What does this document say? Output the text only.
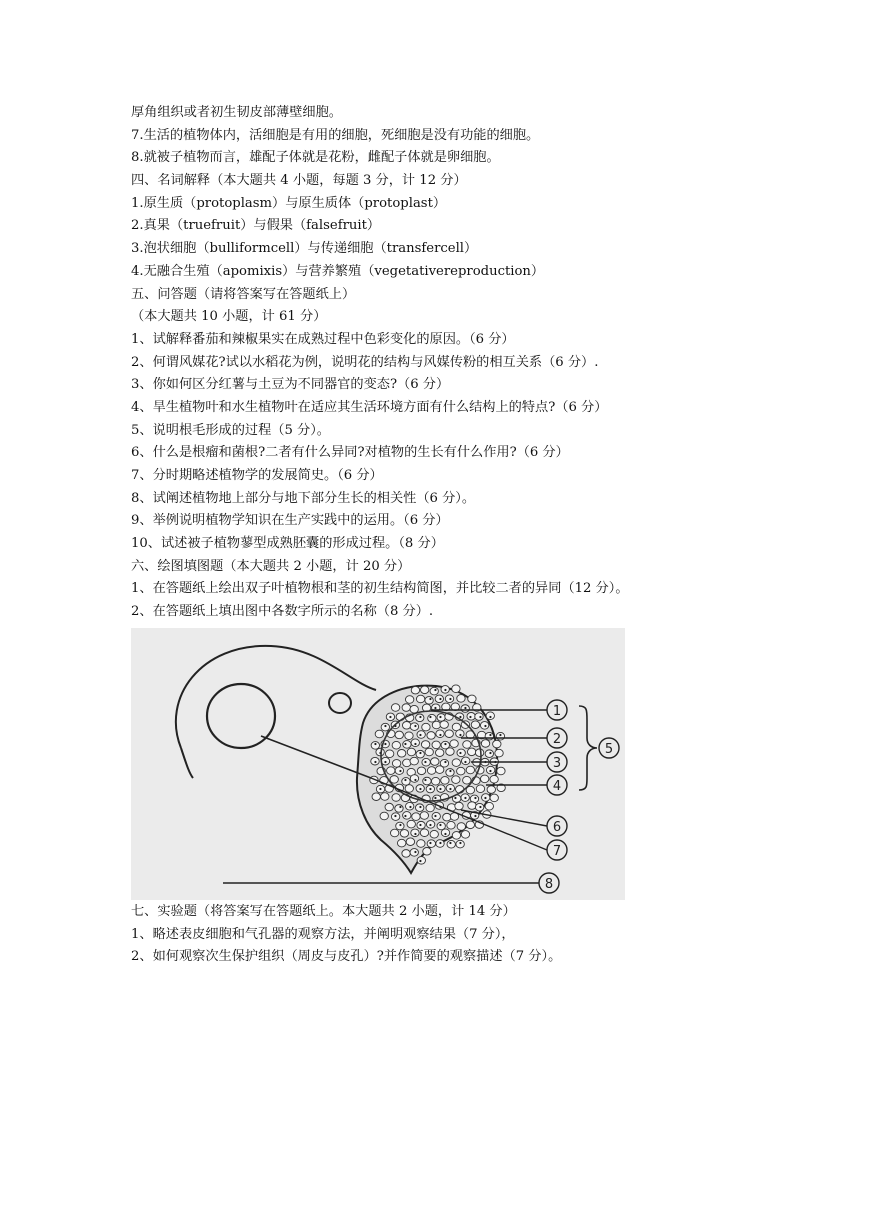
厚角组织或者初生韧皮部薄壁细胞。
7.生活的植物体内，活细胞是有用的细胞，死细胞是没有功能的细胞。
8.就被子植物而言，雄配子体就是花粉，雌配子体就是卵细胞。
四、名词解释（本大题共 4 小题，每题 3 分，计 12 分）
1.原生质（protoplasm）与原生质体（protoplast）
2.真果（truefruit）与假果（falsefruit）
3.泡状细胞（bulliformcell）与传递细胞（transfercell）
4.无融合生殖（apomixis）与营养繁殖（vegetativereproduction）
五、问答题（请将答案写在答题纸上）
（本大题共 10 小题，计 61 分）
1、试解释番茄和辣椒果实在成熟过程中色彩变化的原因。（6 分）
2、何谓风媒花?试以水稻花为例，说明花的结构与风媒传粉的相互关系（6 分）.
3、你如何区分红薯与土豆为不同器官的变态?（6 分）
4、旱生植物叶和水生植物叶在适应其生活环境方面有什么结构上的特点?（6 分）
5、说明根毛形成的过程（5 分）。
6、什么是根瘤和菌根?二者有什么异同?对植物的生长有什么作用?（6 分）
7、分时期略述植物学的发展简史。（6 分）
8、试阐述植物地上部分与地下部分生长的相关性（6 分）。
9、举例说明植物学知识在生产实践中的运用。（6 分）
10、试述被子植物蓼型成熟胚囊的形成过程。（8 分）
六、绘图填图题（本大题共 2 小题，计 20 分）
1、在答题纸上绘出双子叶植物根和茎的初生结构简图，并比较二者的异同（12 分）。
2、在答题纸上填出图中各数字所示的名称（8 分）.
1
2
3
4
5
6
7
8
七、实验题（将答案写在答题纸上。本大题共 2 小题，计 14 分）
1、略述表皮细胞和气孔器的观察方法，并阐明观察结果（7 分），
2、如何观察次生保护组织（周皮与皮孔）?并作简要的观察描述（7 分）。
